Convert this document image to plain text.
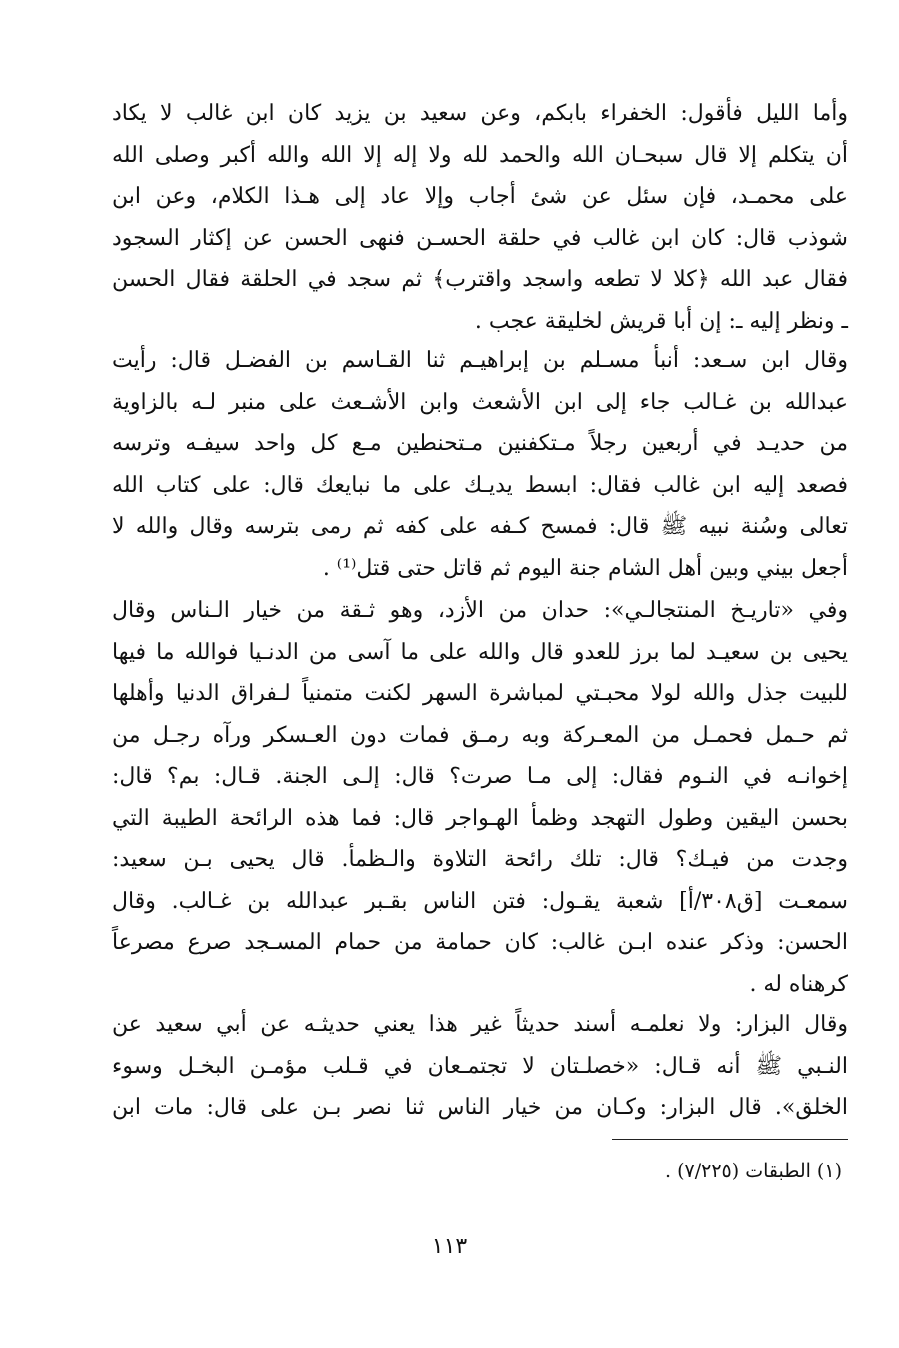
وأما الليل فأقول: الخفراء بابكم، وعن سعيد بن يزيد كان ابن غالب لا يكاد
أن يتكلم إلا قال سبحـان الله والحمد لله ولا إله إلا الله والله أكبر وصلى الله
على محمـد، فإن سئل عن شئ أجاب وإلا عاد إلى هـذا الكلام، وعن ابن
شوذب قال: كان ابن غالب في حلقة الحسـن فنهى الحسن عن إكثار السجود
فقال عبد الله ﴿كلا لا تطعه واسجد واقترب﴾ ثم سجد في الحلقة فقال الحسن
ـ ونظر إليه ـ: إن أبا قريش لخليقة عجب .
وقال ابن سـعد: أنبأ مسـلم بن إبراهيـم ثنا القـاسم بن الفضـل قال: رأيت
عبدالله بن غـالب جاء إلى ابن الأشعث وابن الأشـعث على منبر لـه بالزاوية
من حديـد في أربعين رجلاً مـتكفنين مـتحنطين مـع كل واحد سيفـه وترسه
فصعد إليه ابن غالب فقال: ابسط يديـك على ما نبايعك قال: على كتاب الله
تعالى وسُنة نبيه ﷺ قال: فمسح كـفه على كفه ثم رمى بترسه وقال والله لا
أجعل بيني وبين أهل الشام جنة اليوم ثم قاتل حتى قتل⁽¹⁾ .
وفي «تاريـخ المنتجالـي»: حدان من الأزد، وهو ثـقة من خيار الـناس وقال
يحيى بن سعيـد لما برز للعدو قال والله على ما آسى من الدنـيا فوالله ما فيها
للبيت جذل والله لولا محبـتي لمباشرة السهر لكنت متمنياً لـفراق الدنيا وأهلها
ثم حـمل فحمـل من المعـركة وبه رمـق فمات دون العـسكر ورآه رجـل من
إخوانـه في النـوم فقال: إلى مـا صرت؟ قال: إلـى الجنة. قـال: بم؟ قال:
بحسن اليقين وطول التهجد وظمأ الهـواجر قال: فما هذه الرائحة الطيبة التي
وجدت من فيـك؟ قال: تلك رائحة التلاوة والـظمأ. قال يحيى بـن سعيد:
سمعـت [ق٣٠٨/أ] شعبة يقـول: فتن الناس بقـبر عبدالله بن غـالب. وقال
الحسن: وذكر عنده ابـن غالب: كان حمامة من حمام المسـجد صرع مصرعاً
كرهناه له .
وقال البزار: ولا نعلمـه أسند حديثاً غير هذا يعني حديثـه عن أبي سعيد عن
النـبي ﷺ أنه قـال: «خصلـتان لا تجتمـعان في قـلب مؤمـن البخـل وسوء
الخلق». قال البزار: وكـان من خيار الناس ثنا نصر بـن على قال: مات ابن

(١) الطبقات (٧/٢٢٥) .

١١٣
